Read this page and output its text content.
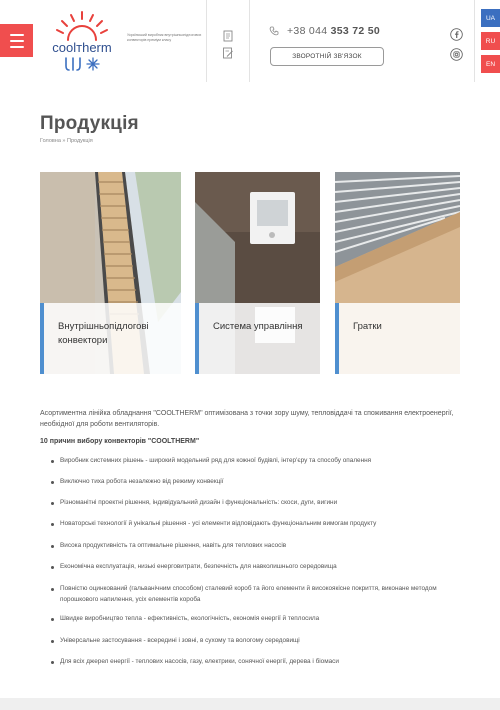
coolтherm
Український виробник внутрішньопідлогових конвекторів преміум класу
+38 044 353 72 50
ЗВОРОТНІЙ ЗВ'ЯЗОК
UA
RU
EN
Продукція
Головна » Продукція
Внутрішньопідлогові
конвектори
Система управління	Гратки

Асортиментна лінійка обладнання "COOLTHERM" оптимізована з точки зору шуму, тепловіддачі та споживання електроенергії, необхідної для роботи вентиляторів.

10 причин вибору конвекторів "COOLTHERM"
Виробник системних рішень - широкий модельний ряд для кожної будівлі, інтер'єру та способу опалення
Виключно тиха робота незалежно від режиму конвекції
Різноманітні проектні рішення, індивідуальний дизайн і функціональність: скоси, дуги, вигини
Новаторські технології й унікальні рішення - усі елементи відповідають функціональним вимогам продукту
Висока продуктивність та оптимальне рішення, навіть для теплових насосів
Економічна експлуатація, низькі енерговитрати, безпечність для навколишнього середовища
Повністю оцинкований (гальванічним способом) сталевий короб та його елементи й високоякісне покриття, виконане методом порошкового напилення, усіх елементів короба
Швидке виробництво тепла - ефективність, екологічність, економія енергії й теплосила
Універсальне застосування - всередині і зовні, в сухому та вологому середовищі
Для всіх джерел енергії - теплових насосів, газу, електрики, сонячної енергії, дерева і біомаси
